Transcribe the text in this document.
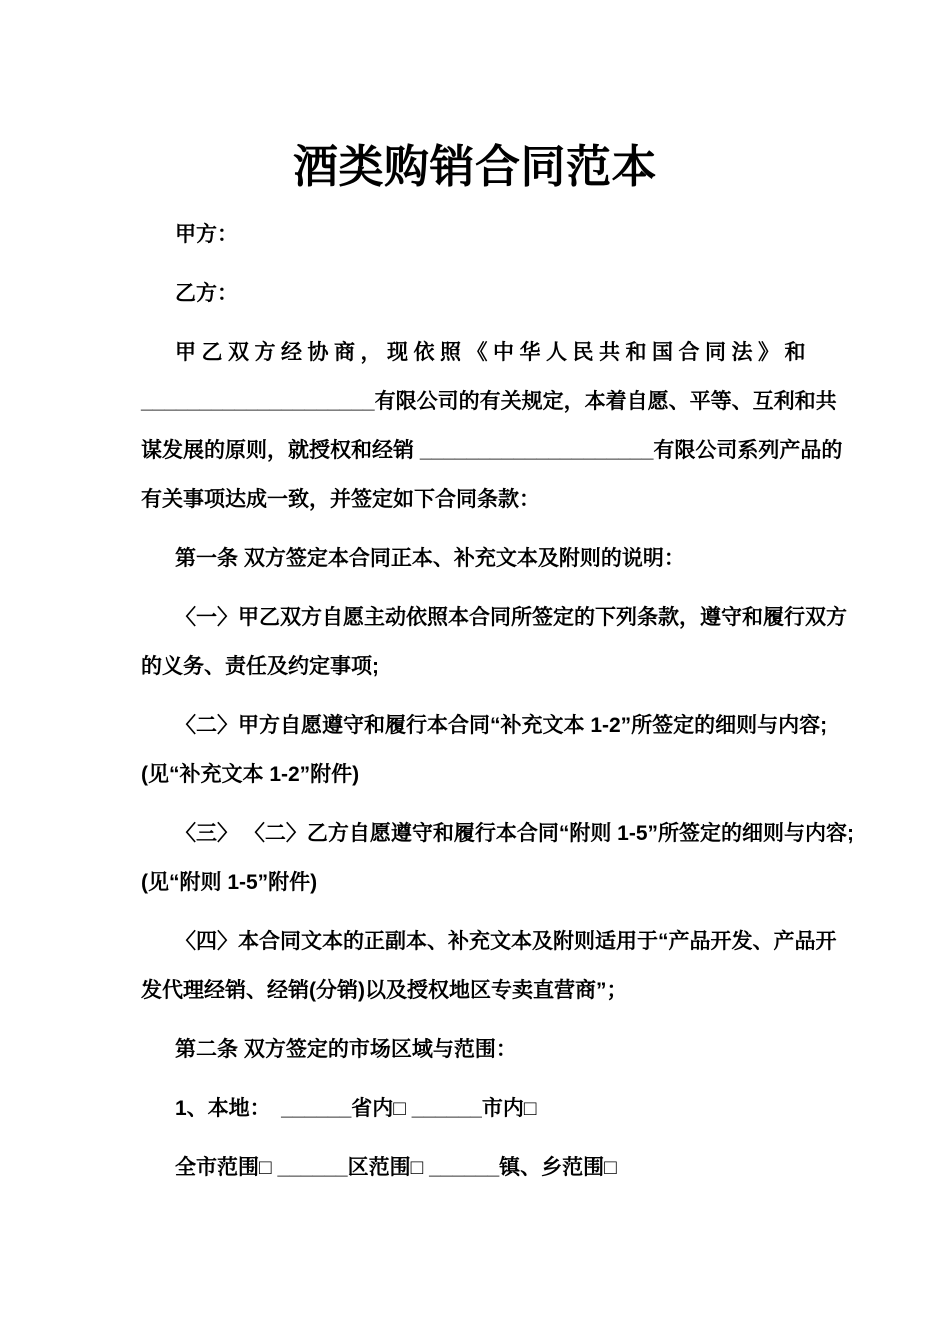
酒类购销合同范本
甲方：
乙方：
甲乙双方经协商，现依照《中华人民共和国合同法》和
____________________有限公司的有关规定，本着自愿、平等、互利和共
谋发展的原则，就授权和经销 ____________________有限公司系列产品的
有关事项达成一致，并签定如下合同条款：
第一条 双方签定本合同正本、补充文本及附则的说明：
〈一〉甲乙双方自愿主动依照本合同所签定的下列条款，遵守和履行双方
的义务、责任及约定事项;
〈二〉甲方自愿遵守和履行本合同“补充文本 1-2”所签定的细则与内容;
(见“补充文本 1-2”附件)
〈三〉 〈二〉乙方自愿遵守和履行本合同“附则 1-5”所签定的细则与内容;
(见“附则 1-5”附件)
〈四〉本合同文本的正副本、补充文本及附则适用于“产品开发、产品开
发代理经销、经销(分销)以及授权地区专卖直营商”；
第二条 双方签定的市场区域与范围：
1、本地：　______省内□ ______市内□
全市范围□ ______区范围□ ______镇、乡范围□
